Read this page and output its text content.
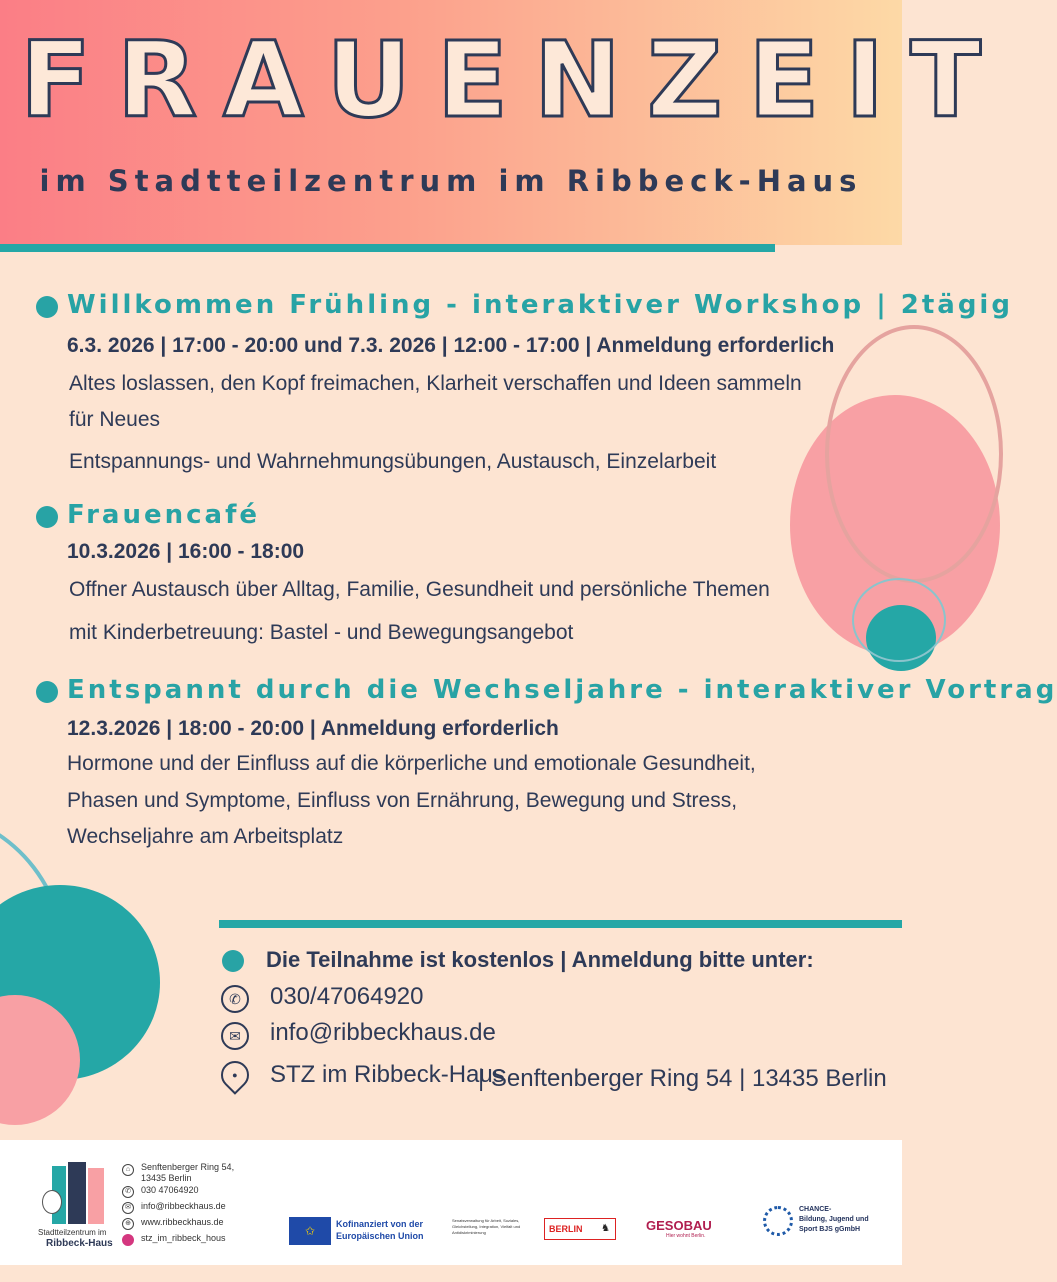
FRAUENZEIT
im Stadtteilzentrum im Ribbeck-Haus
Willkommen Frühling - interaktiver Workshop | 2tägig
6.3. 2026 | 17:00 - 20:00 und 7.3. 2026 | 12:00 - 17:00 | Anmeldung erforderlich
Altes loslassen, den Kopf freimachen, Klarheit verschaffen und Ideen sammeln
für Neues
Entspannungs- und Wahrnehmungsübungen, Austausch, Einzelarbeit
Frauencafé
10.3.2026 | 16:00 - 18:00
Offner Austausch über Alltag, Familie, Gesundheit und persönliche Themen
mit Kinderbetreuung: Bastel - und Bewegungsangebot
Entspannt durch die Wechseljahre - interaktiver Vortrag
12.3.2026 | 18:00 - 20:00 | Anmeldung erforderlich
Hormone und der Einfluss auf die körperliche und emotionale Gesundheit,
Phasen und Symptome, Einfluss von Ernährung, Bewegung und Stress,
Wechseljahre am Arbeitsplatz
Die Teilnahme ist kostenlos | Anmeldung bitte unter:
✆	030/47064920
✉	info@ribbeckhaus.de
● STZ im Ribbeck-Haus
| Senftenberger Ring 54 | 13435 Berlin
Stadtteilzentrum im
Ribbeck-Haus
⌂	Senftenberger Ring 54,
13435 Berlin
✆	030 47064920
✉	info@ribbeckhaus.de
⊕	www.ribbeckhaus.de
stz_im_ribbeck_hous	✩	Kofinanziert von der
Europäischen Union
Senatsverwaltung für Arbeit, Soziales, Gleichstellung, Integration, Vielfalt und Antidiskriminierung	BERLIN ♞	GESOBAU
Hier wohnt Berlin.
CHANCE-
Bildung, Jugend und
Sport BJS gGmbH
